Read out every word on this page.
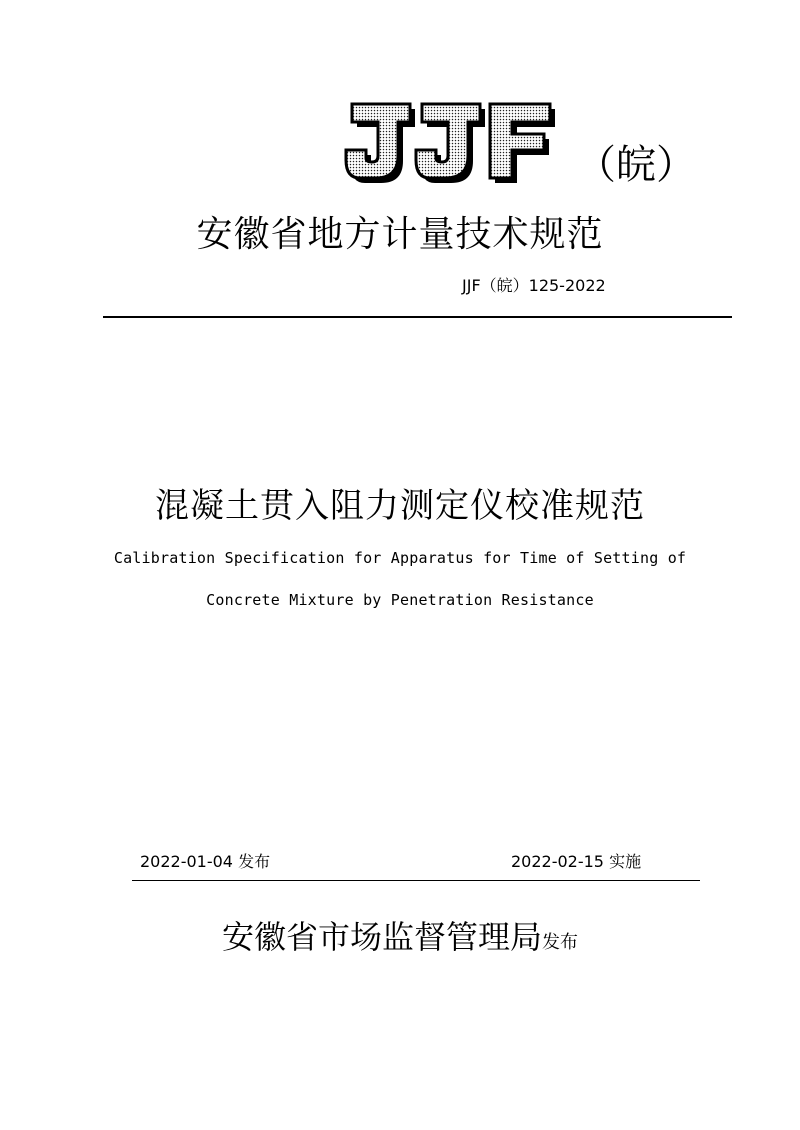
（皖）
安徽省地方计量技术规范
JJF（皖）125-2022
混凝土贯入阻力测定仪校准规范
Calibration Specification for Apparatus for Time of Setting of
Concrete Mixture by Penetration Resistance
2022-01-04 发布	2022-02-15 实施
安徽省市场监督管理局发布
